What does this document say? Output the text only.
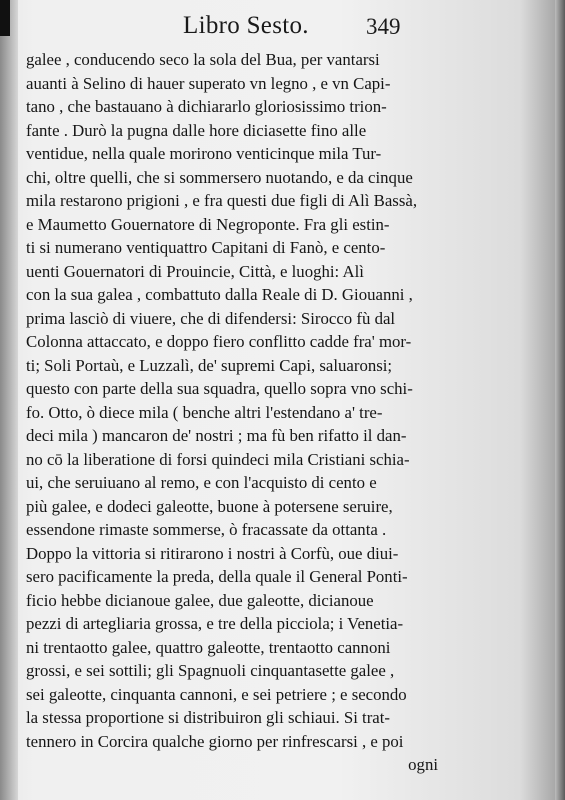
Libro Sesto. 349
galee , conducendo seco la sola del Bua, per vantarsi
auanti à Selino di hauer superato vn legno , e vn Capi-
tano , che bastauano à dichiararlo gloriosissimo trion-
fante . Durò la pugna dalle hore diciasette fino alle
ventidue, nella quale morirono venticinque mila Tur-
chi, oltre quelli, che si sommersero nuotando, e da cinque
mila restarono prigioni , e fra questi due figli di Alì Bassà,
e Maumetto Gouernatore di Negroponte. Fra gli estin-
ti si numerano ventiquattro Capitani di Fanò, e cento-
uenti Gouernatori di Prouincie, Città, e luoghi: Alì
con la sua galea , combattuto dalla Reale di D. Giouanni ,
prima lasciò di viuere, che di difendersi: Sirocco fù dal
Colonna attaccato, e doppo fiero conflitto cadde fra' mor-
ti; Soli Portaù, e Luzzalì, de' supremi Capi, saluaronsi;
questo con parte della sua squadra, quello sopra vno schi-
fo. Otto, ò diece mila ( benche altri l'estendano a' tre-
deci mila ) mancaron de' nostri ; ma fù ben rifatto il dan-
no cō la liberatione di forsi quindeci mila Cristiani schia-
ui, che seruiuano al remo, e con l'acquisto di cento e
più galee, e dodeci galeotte, buone à potersene seruire,
essendone rimaste sommerse, ò fracassate da ottanta .
Doppo la vittoria si ritirarono i nostri à Corfù, oue diui-
sero pacificamente la preda, della quale il General Ponti-
ficio hebbe dicianoue galee, due galeotte, dicianoue
pezzi di artegliaria grossa, e tre della picciola; i Venetia-
ni trentaotto galee, quattro galeotte, trentaotto cannoni
grossi, e sei sottili; gli Spagnuoli cinquantasette galee ,
sei galeotte, cinquanta cannoni, e sei petriere ; e secondo
la stessa proportione si distribuiron gli schiaui. Si trat-
tennero in Corcira qualche giorno per rinfrescarsi , e poi
ogni
